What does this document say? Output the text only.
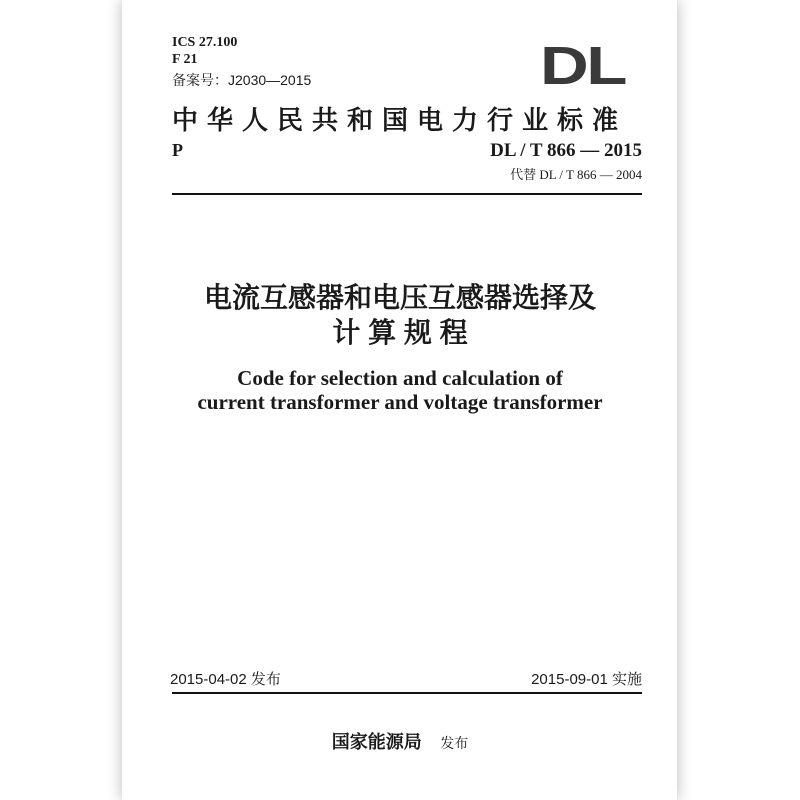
ICS 27.100
F 21
备案号：J2030—2015	DL
中华人民共和国电力行业标准
P	DL / T 866 — 2015
代替 DL / T 866 — 2004
电流互感器和电压互感器选择及
计 算 规 程
Code for selection and calculation of
current transformer and voltage transformer
2015-04-02 发布	2015-09-01 实施
国家能源局 发布
